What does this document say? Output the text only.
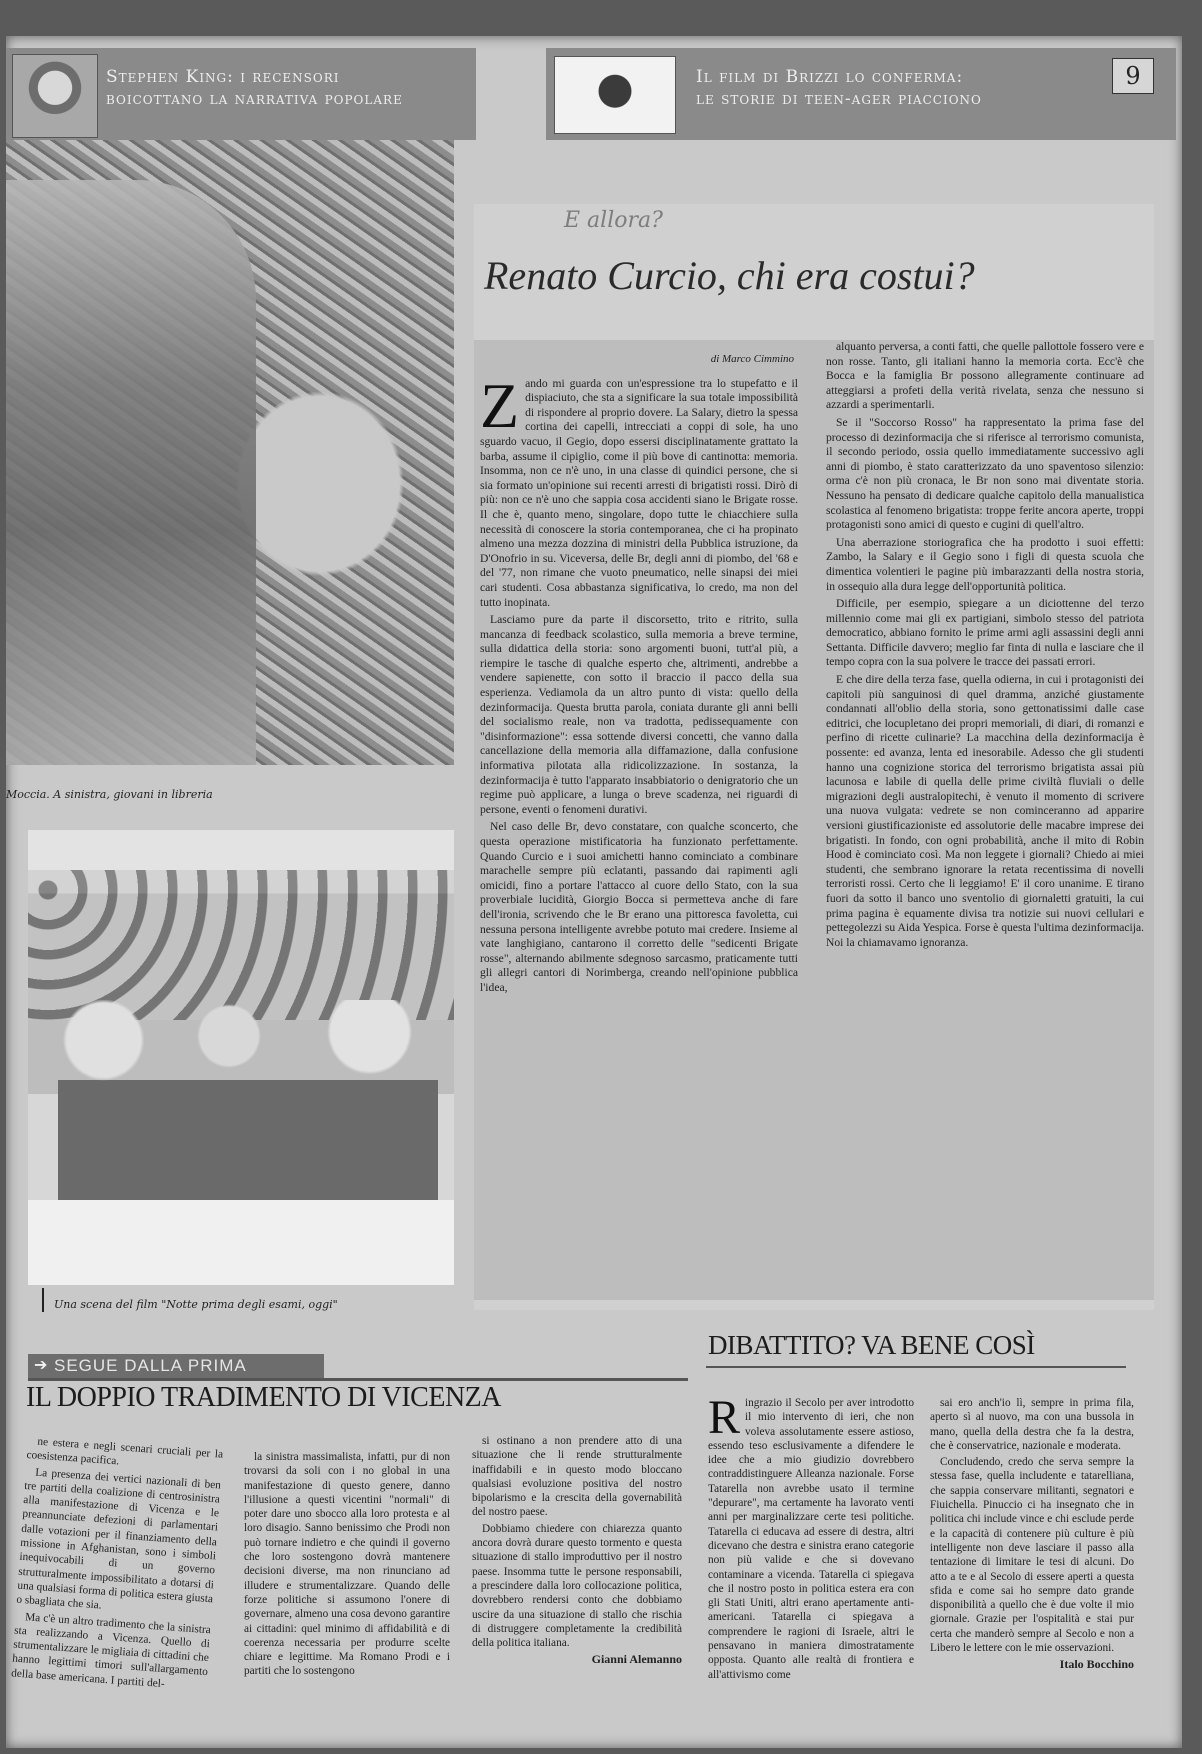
Stephen King: i recensori
boicottano la narrativa popolare
Il film di Brizzi lo conferma:
le storie di teen-ager piacciono
9
Moccia. A sinistra, giovani in libreria
Una scena del film "Notte prima degli esami, oggi"
E allora?
Renato Curcio, chi era costui?
di Marco Cimmino

Zando mi guarda con un'espressione tra lo stupefatto e il dispiaciuto, che sta a significare la sua totale impossibilità di rispondere al proprio dovere. La Salary, dietro la spessa cortina dei capelli, intrecciati a coppi di sole, ha uno sguardo vacuo, il Gegio, dopo essersi disciplinatamente grattato la barba, assume il cipiglio, come il più bove di cantinotta: memoria. Insomma, non ce n'è uno, in una classe di quindici persone, che si sia formato un'opinione sui recenti arresti di brigatisti rossi. Dirò di più: non ce n'è uno che sappia cosa accidenti siano le Brigate rosse. Il che è, quanto meno, singolare, dopo tutte le chiacchiere sulla necessità di conoscere la storia contemporanea, che ci ha propinato almeno una mezza dozzina di ministri della Pubblica istruzione, da D'Onofrio in su. Viceversa, delle Br, degli anni di piombo, del '68 e del '77, non rimane che vuoto pneumatico, nelle sinapsi dei miei cari studenti. Cosa abbastanza significativa, lo credo, ma non del tutto inopinata.

Lasciamo pure da parte il discorsetto, trito e ritrito, sulla mancanza di feedback scolastico, sulla memoria a breve termine, sulla didattica della storia: sono argomenti buoni, tutt'al più, a riempire le tasche di qualche esperto che, altrimenti, andrebbe a vendere sapienette, con sotto il braccio il pacco della sua esperienza. Vediamola da un altro punto di vista: quello della dezinformacija. Questa brutta parola, coniata durante gli anni belli del socialismo reale, non va tradotta, pedissequamente con "disinformazione": essa sottende diversi concetti, che vanno dalla cancellazione della memoria alla diffamazione, dalla confusione informativa pilotata alla ridicolizzazione. In sostanza, la dezinformacija è tutto l'apparato insabbiatorio o denigratorio che un regime può applicare, a lunga o breve scadenza, nei riguardi di persone, eventi o fenomeni durativi.

Nel caso delle Br, devo constatare, con qualche sconcerto, che questa operazione mistificatoria ha funzionato perfettamente. Quando Curcio e i suoi amichetti hanno cominciato a combinare marachelle sempre più eclatanti, passando dai rapimenti agli omicidi, fino a portare l'attacco al cuore dello Stato, con la sua proverbiale lucidità, Giorgio Bocca si permetteva anche di fare dell'ironia, scrivendo che le Br erano una pittoresca favoletta, cui nessuna persona intelligente avrebbe potuto mai credere. Insieme al vate langhigiano, cantarono il corretto delle "sedicenti Brigate rosse", alternando abilmente sdegnoso sarcasmo, praticamente tutti gli allegri cantori di Norimberga, creando nell'opinione pubblica l'idea,

alquanto perversa, a conti fatti, che quelle pallottole fossero vere e non rosse. Tanto, gli italiani hanno la memoria corta. Ecc'è che Bocca e la famiglia Br possono allegramente continuare ad atteggiarsi a profeti della verità rivelata, senza che nessuno si azzardi a sperimentarli.

Se il "Soccorso Rosso" ha rappresentato la prima fase del processo di dezinformacija che si riferisce al terrorismo comunista, il secondo periodo, ossia quello immediatamente successivo agli anni di piombo, è stato caratterizzato da uno spaventoso silenzio: orma c'è non più cronaca, le Br non sono mai diventate storia. Nessuno ha pensato di dedicare qualche capitolo della manualistica scolastica al fenomeno brigatista: troppe ferite ancora aperte, troppi protagonisti sono amici di questo e cugini di quell'altro.

Una aberrazione storiografica che ha prodotto i suoi effetti: Zambo, la Salary e il Gegio sono i figli di questa scuola che dimentica volentieri le pagine più imbarazzanti della nostra storia, in ossequio alla dura legge dell'opportunità politica.

Difficile, per esempio, spiegare a un diciottenne del terzo millennio come mai gli ex partigiani, simbolo stesso del patriota democratico, abbiano fornito le prime armi agli assassini degli anni Settanta. Difficile davvero; meglio far finta di nulla e lasciare che il tempo copra con la sua polvere le tracce dei passati errori.

E che dire della terza fase, quella odierna, in cui i protagonisti dei capitoli più sanguinosi di quel dramma, anziché giustamente condannati all'oblio della storia, sono gettonatissimi dalle case editrici, che locupletano dei propri memoriali, di diari, di romanzi e perfino di ricette culinarie? La macchina della dezinformacija è possente: ed avanza, lenta ed inesorabile. Adesso che gli studenti hanno una cognizione storica del terrorismo brigatista assai più lacunosa e labile di quella delle prime civiltà fluviali o delle migrazioni degli australopitechi, è venuto il momento di scrivere una nuova vulgata: vedrete se non cominceranno ad apparire versioni giustificazioniste ed assolutorie delle macabre imprese dei brigatisti. In fondo, con ogni probabilità, anche il mito di Robin Hood è cominciato così. Ma non leggete i giornali? Chiedo ai miei studenti, che sembrano ignorare la retata recentissima di novelli terroristi rossi. Certo che li leggiamo! E' il coro unanime. E tirano fuori da sotto il banco uno sventolio di giornaletti gratuiti, la cui prima pagina è equamente divisa tra notizie sui nuovi cellulari e pettegolezzi su Aida Yespica. Forse è questa l'ultima dezinformacija. Noi la chiamavamo ignoranza.

➔ SEGUE DALLA PRIMA
IL DOPPIO TRADIMENTO DI VICENZA

ne estera e negli scenari cruciali per la coesistenza pacifica.

La presenza dei vertici nazionali di ben tre partiti della coalizione di centrosinistra alla manifestazione di Vicenza e le preannunciate defezioni di parlamentari dalle votazioni per il finanziamento della missione in Afghanistan, sono i simboli inequivocabili di un governo strutturalmente impossibilitato a dotarsi di una qualsiasi forma di politica estera giusta o sbagliata che sia.

Ma c'è un altro tradimento che la sinistra sta realizzando a Vicenza. Quello di strumentalizzare le migliaia di cittadini che hanno legittimi timori sull'allargamento della base americana. I partiti del-

la sinistra massimalista, infatti, pur di non trovarsi da soli con i no global in una manifestazione di questo genere, danno l'illusione a questi vicentini "normali" di poter dare uno sbocco alla loro protesta e al loro disagio. Sanno benissimo che Prodi non può tornare indietro e che quindi il governo che loro sostengono dovrà mantenere decisioni diverse, ma non rinunciano ad illudere e strumentalizzare. Quando delle forze politiche si assumono l'onere di governare, almeno una cosa devono garantire ai cittadini: quel minimo di affidabilità e di coerenza necessaria per produrre scelte chiare e legittime. Ma Romano Prodi e i partiti che lo sostengono

si ostinano a non prendere atto di una situazione che li rende strutturalmente inaffidabili e in questo modo bloccano qualsiasi evoluzione positiva del nostro bipolarismo e la crescita della governabilità del nostro paese.

Dobbiamo chiedere con chiarezza quanto ancora dovrà durare questo tormento e questa situazione di stallo improduttivo per il nostro paese. Insomma tutte le persone responsabili, a prescindere dalla loro collocazione politica, dovrebbero rendersi conto che dobbiamo uscire da una situazione di stallo che rischia di distruggere completamente la credibilità della politica italiana.

Gianni Alemanno
DIBATTITO? VA BENE COSÌ

Ringrazio il Secolo per aver introdotto il mio intervento di ieri, che non voleva assolutamente essere astioso, essendo teso esclusivamente a difendere le idee che a mio giudizio dovrebbero contraddistinguere Alleanza nazionale. Forse Tatarella non avrebbe usato il termine "depurare", ma certamente ha lavorato venti anni per marginalizzare certe tesi politiche. Tatarella ci educava ad essere di destra, altri dicevano che destra e sinistra erano categorie non più valide e che si dovevano contaminare a vicenda. Tatarella ci spiegava che il nostro posto in politica estera era con gli Stati Uniti, altri erano apertamente anti-americani. Tatarella ci spiegava a comprendere le ragioni di Israele, altri le pensavano in maniera dimostratamente opposta. Quanto alle realtà di frontiera e all'attivismo come

sai ero anch'io lì, sempre in prima fila, aperto sì al nuovo, ma con una bussola in mano, quella della destra che fa la destra, che è conservatrice, nazionale e moderata.

Concludendo, credo che serva sempre la stessa fase, quella includente e tatarelliana, che sappia conservare militanti, segnatori e Fiuichella. Pinuccio ci ha insegnato che in politica chi include vince e chi esclude perde e la capacità di contenere più culture è più intelligente non deve lasciare il passo alla tentazione di limitare le tesi di alcuni. Do atto a te e al Secolo di essere aperti a questa sfida e come sai ho sempre dato grande disponibilità a quello che è due volte il mio giornale. Grazie per l'ospitalità e stai pur certa che manderò sempre al Secolo e non a Libero le lettere con le mie osservazioni.

Italo Bocchino
